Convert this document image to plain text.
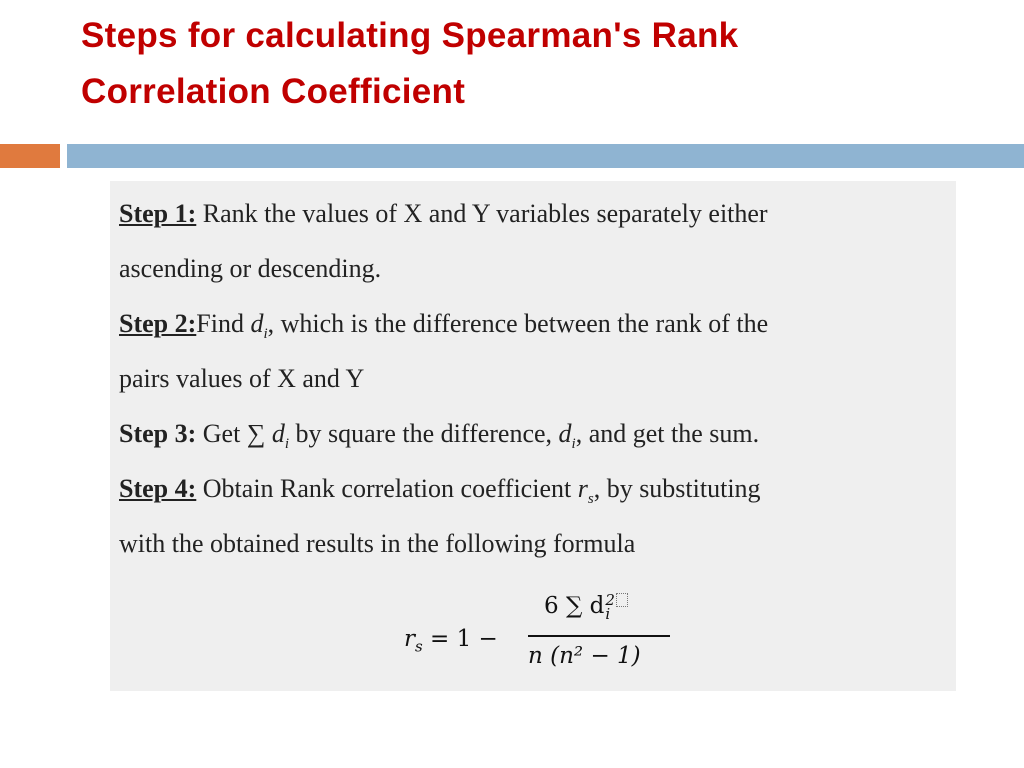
Steps for calculating Spearman's Rank
Correlation Coefficient
Step 1: Rank the values of X and Y variables separately either
ascending or descending.
Step 2:Find $d_i$, which is the difference between the rank of the
pairs values of X and Y
Step 3: Get ∑ $d_i$ by square the difference, $d_i$, and get the sum.
Step 4: Obtain Rank correlation coefficient $r_s$, by substituting
with the obtained results in the following formula
$r_s = 1$ −
6 ∑ d 2
i
n (n² − 1)
